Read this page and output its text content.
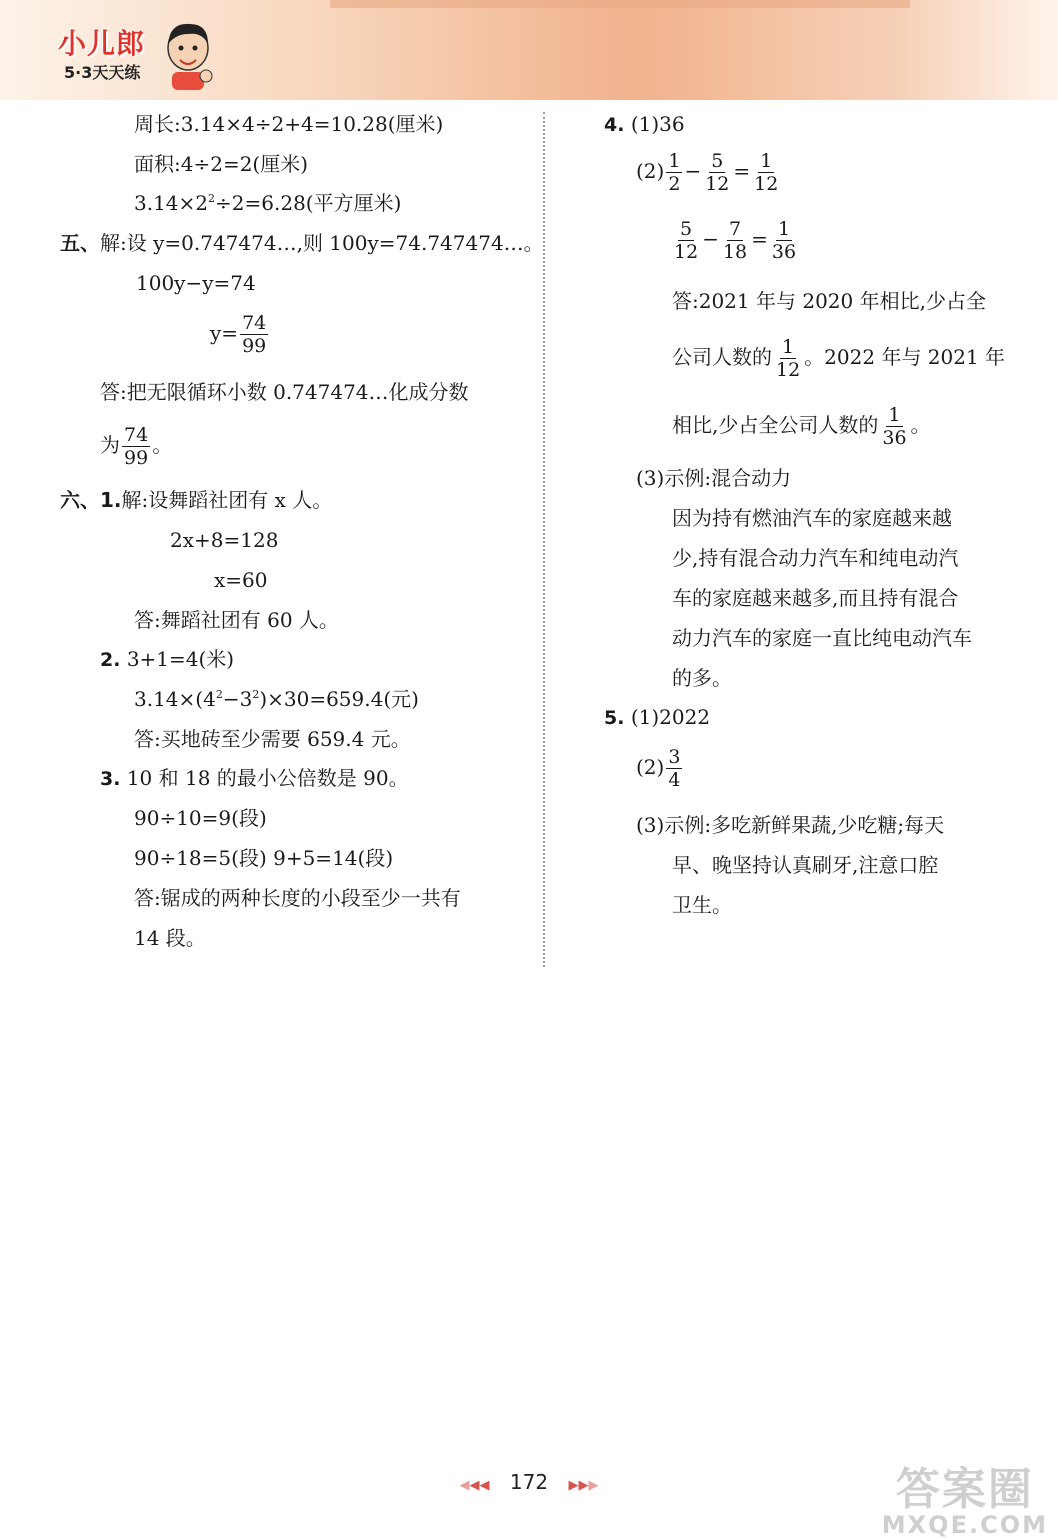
小儿郎
5·3天天练
周长:3.14×4÷2+4=10.28(厘米)
面积:4÷2=2(厘米)
$3.14\times 2^2\div 2=6.28$(平方厘米)
五、解:设 y=0.747474…,则 100y=74.747474…。
100y−y=74
$y= \frac{74}{99}$
答:把无限循环小数 0.747474…化成分数
为 $\frac{74}{99}$ 。
六、1.解:设舞蹈社团有 x 人。
2x+8=128
x=60
答:舞蹈社团有 60 人。
2. 3+1=4(米)
$3.14\times(4^2-3^2)\times 30=659.4$(元)
答:买地砖至少需要 659.4 元。
3. 10 和 18 的最小公倍数是 90。
90÷10=9(段)
90÷18=5(段) 9+5=14(段)
答:锯成的两种长度的小段至少一共有
14 段。
4. (1)36
$(2) \frac{1}{2} - \frac{5}{12} = \frac{1}{12}$
$\frac{5}{12} - \frac{7}{18} = \frac{1}{36}$
答:2021 年与 2020 年相比,少占全
公司人数的 $\frac{1}{12}$ 。2022 年与 2021 年
相比,少占全公司人数的 $\frac{1}{36}$ 。
(3)示例:混合动力
因为持有燃油汽车的家庭越来越
少,持有混合动力汽车和纯电动汽
车的家庭越来越多,而且持有混合
动力汽车的家庭一直比纯电动汽车
的多。
5. (1)2022
$(2) \frac{3}{4}$
(3)示例:多吃新鲜果蔬,少吃糖;每天
早、晚坚持认真刷牙,注意口腔
卫生。
◀◀◀ 172 ▶▶▶	答案圈
MXQE.COM
